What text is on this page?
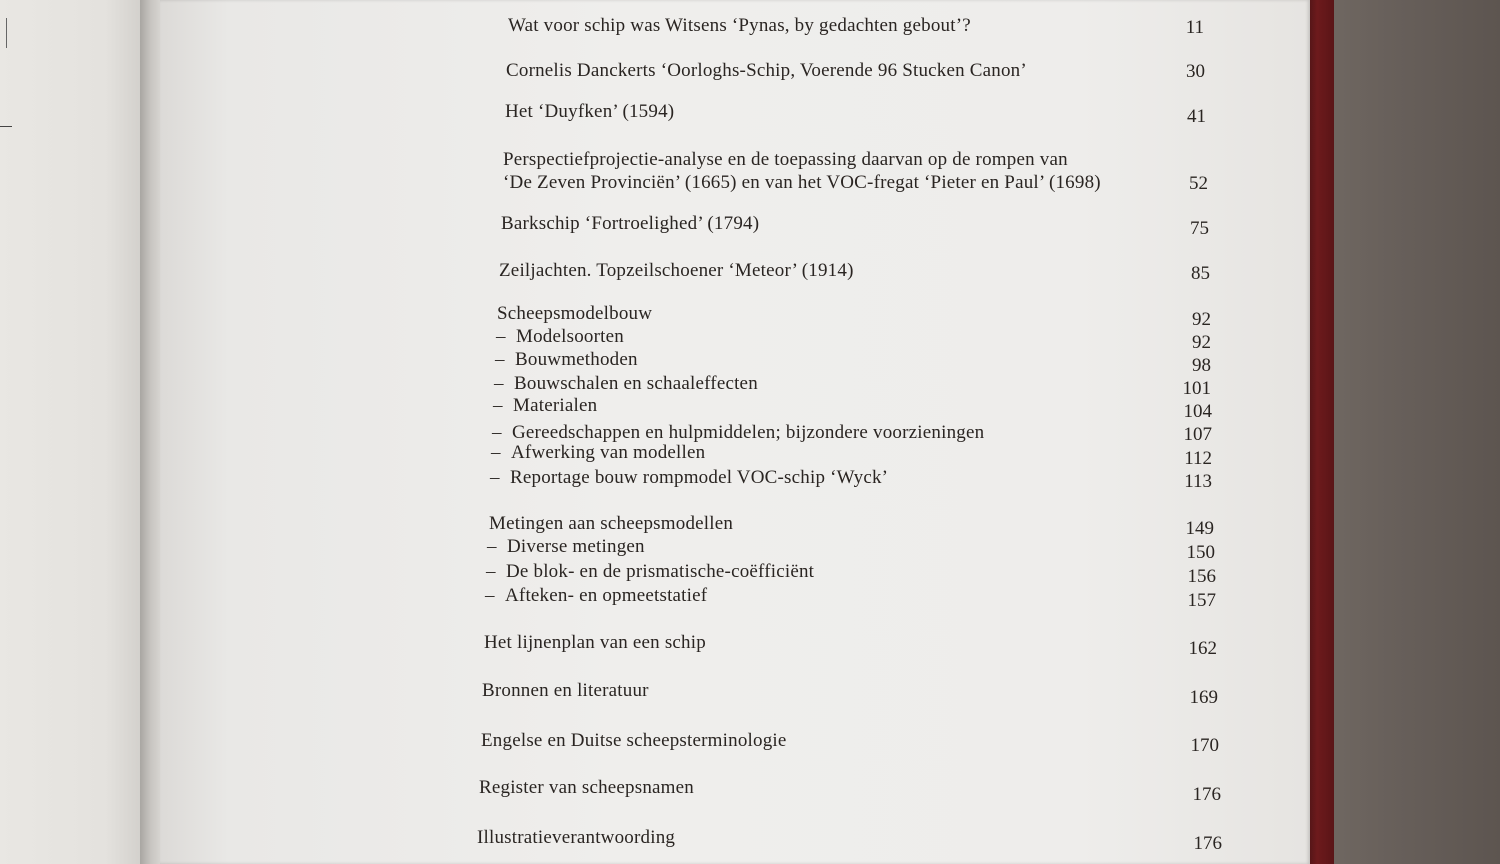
Wat voor schip was Witsens ‘Pynas, by gedachten gebout’?	11
Cornelis Danckerts ‘Oorloghs-Schip, Voerende 96 Stucken Canon’	30
Het ‘Duyfken’ (1594)	41
Perspectiefprojectie-analyse en de toepassing daarvan op de rompen van
‘De Zeven Provinciën’ (1665) en van het VOC-fregat ‘Pieter en Paul’ (1698)	52
Barkschip ‘Fortroelighed’ (1794)	75
Zeiljachten. Topzeilschoener ‘Meteor’ (1914)	85
Scheepsmodelbouw	92
– Modelsoorten	92
– Bouwmethoden	98
– Bouwschalen en schaaleffecten	101
– Materialen	104
– Gereedschappen en hulpmiddelen; bijzondere voorzieningen	107
– Afwerking van modellen	112
– Reportage bouw rompmodel VOC-schip ‘Wyck’	113
Metingen aan scheepsmodellen	149
– Diverse metingen	150
– De blok- en de prismatische-coëfficiënt	156
– Afteken- en opmeetstatief	157
Het lijnenplan van een schip	162
Bronnen en literatuur	169
Engelse en Duitse scheepsterminologie	170
Register van scheepsnamen	176
Illustratieverantwoording	176
